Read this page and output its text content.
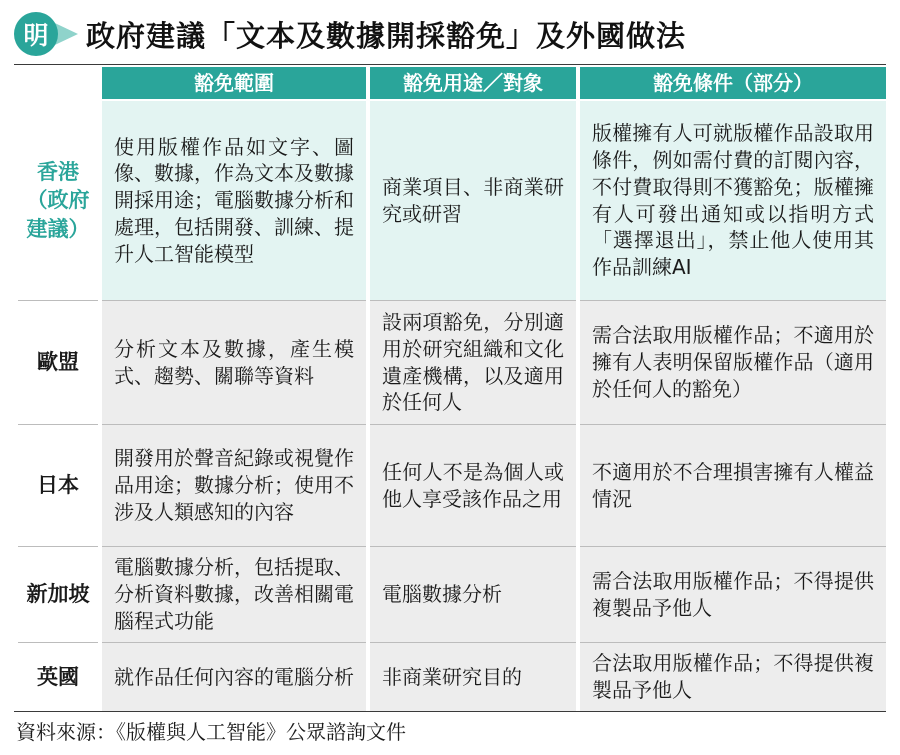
明	政府建議「文本及數據開採豁免」及外國做法
	豁免範圍	豁免用途／對象	豁免條件（部分）
香港（政府建議）	使用版權作品如文字、圖像、數據，作為文本及數據開採用途；電腦數據分析和處理，包括開發、訓練、提升人工智能模型	商業項目、非商業研究或研習	版權擁有人可就版權作品設取用條件，例如需付費的訂閱內容，不付費取得則不獲豁免；版權擁有人可發出通知或以指明方式「選擇退出」，禁止他人使用其作品訓練AI
歐盟	分析文本及數據，產生模式、趨勢、關聯等資料	設兩項豁免，分別適用於研究組織和文化遺產機構，以及適用於任何人	需合法取用版權作品；不適用於擁有人表明保留版權作品（適用於任何人的豁免）
日本	開發用於聲音紀錄或視覺作品用途；數據分析；使用不涉及人類感知的內容	任何人不是為個人或他人享受該作品之用	不適用於不合理損害擁有人權益情況
新加坡	電腦數據分析，包括提取、分析資料數據，改善相關電腦程式功能	電腦數據分析	需合法取用版權作品；不得提供複製品予他人
英國	就作品任何內容的電腦分析	非商業研究目的	合法取用版權作品；不得提供複製品予他人
資料來源：《版權與人工智能》公眾諮詢文件
